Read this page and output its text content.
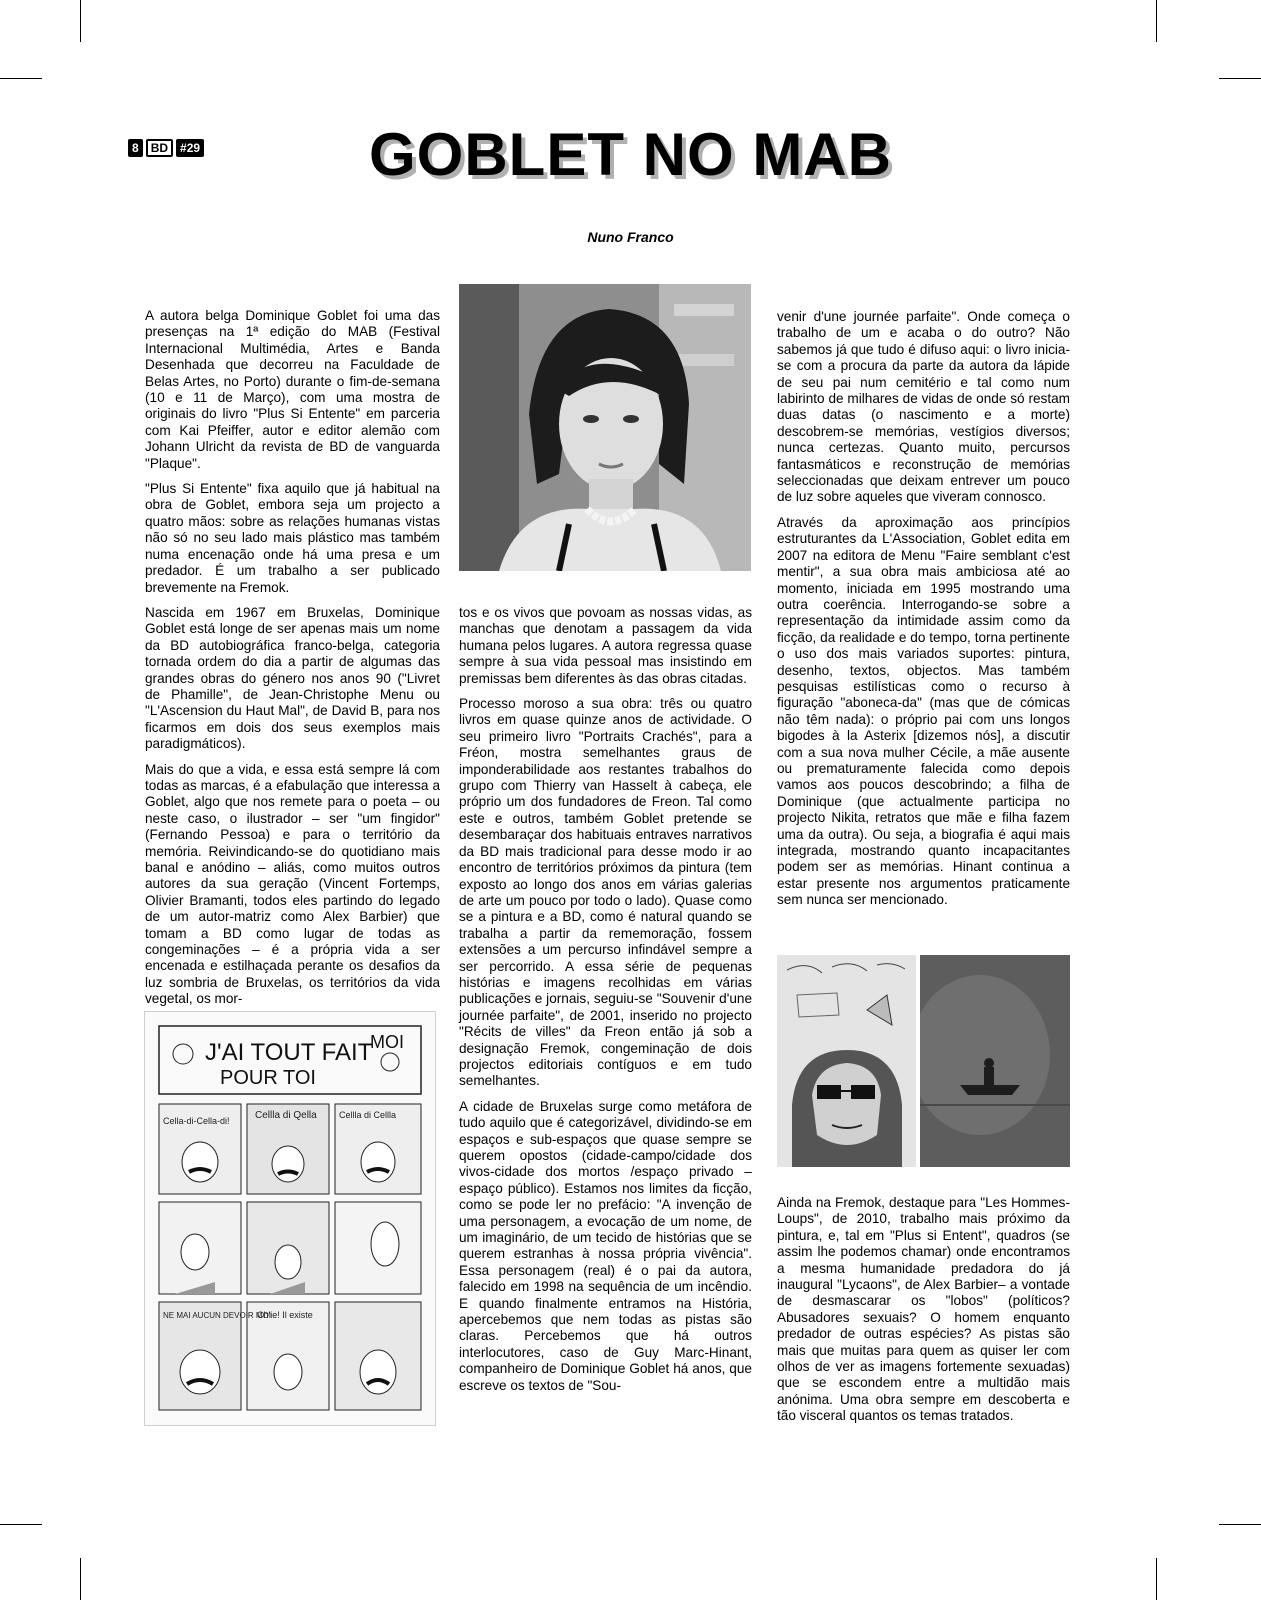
8	BD	#29	GOBLET NO MAB
Nuno Franco

A autora belga Dominique Goblet foi uma das presenças na 1ª edição do MAB (Festival Internacional Multimédia, Artes e Banda Desenhada que decorreu na Faculdade de Belas Artes, no Porto) durante o fim-de-semana (10 e 11 de Março), com uma mostra de originais do livro "Plus Si Entente" em parceria com Kai Pfeiffer, autor e editor alemão com Johann Ulricht da revista de BD de vanguarda "Plaque".

"Plus Si Entente" fixa aquilo que já habitual na obra de Goblet, embora seja um projecto a quatro mãos: sobre as relações humanas vistas não só no seu lado mais plástico mas também numa encenação onde há uma presa e um predador. É um trabalho a ser publicado brevemente na Fremok.

Nascida em 1967 em Bruxelas, Dominique Goblet está longe de ser apenas mais um nome da BD autobiográfica franco-belga, categoria tornada ordem do dia a partir de algumas das grandes obras do género nos anos 90 ("Livret de Phamille", de Jean-Christophe Menu ou "L'Ascension du Haut Mal", de David B, para nos ficarmos em dois dos seus exemplos mais paradigmáticos).

Mais do que a vida, e essa está sempre lá com todas as marcas, é a efabulação que interessa a Goblet, algo que nos remete para o poeta – ou neste caso, o ilustrador – ser "um fingidor" (Fernando Pessoa) e para o território da memória. Reivindicando-se do quotidiano mais banal e anódino – aliás, como muitos outros autores da sua geração (Vincent Fortemps, Olivier Bramanti, todos eles partindo do legado de um autor-matriz como Alex Barbier) que tomam a BD como lugar de todas as congeminações – é a própria vida a ser encenada e estilhaçada perante os desafios da luz sombria de Bruxelas, os territórios da vida vegetal, os mor-

tos e os vivos que povoam as nossas vidas, as manchas que denotam a passagem da vida humana pelos lugares. A autora regressa quase sempre à sua vida pessoal mas insistindo em premissas bem diferentes às das obras citadas.

Processo moroso a sua obra: três ou quatro livros em quase quinze anos de actividade. O seu primeiro livro "Portraits Crachés", para a Fréon, mostra semelhantes graus de imponderabilidade aos restantes trabalhos do grupo com Thierry van Hasselt à cabeça, ele próprio um dos fundadores de Freon. Tal como este e outros, também Goblet pretende se desembaraçar dos habituais entraves narrativos da BD mais tradicional para desse modo ir ao encontro de territórios próximos da pintura (tem exposto ao longo dos anos em várias galerias de arte um pouco por todo o lado). Quase como se a pintura e a BD, como é natural quando se trabalha a partir da rememoração, fossem extensões a um percurso infindável sempre a ser percorrido. A essa série de pequenas histórias e imagens recolhidas em várias publicações e jornais, seguiu-se "Souvenir d'une journée parfaite", de 2001, inserido no projecto "Récits de villes" da Freon então já sob a designação Fremok, congeminação de dois projectos editoriais contíguos e em tudo semelhantes.

A cidade de Bruxelas surge como metáfora de tudo aquilo que é categorizável, dividindo-se em espaços e sub-espaços que quase sempre se querem opostos (cidade-campo/cidade dos vivos-cidade dos mortos /espaço privado – espaço público). Estamos nos limites da ficção, como se pode ler no prefácio: "A invenção de uma personagem, a evocação de um nome, de um imaginário, de um tecido de histórias que se querem estranhas à nossa própria vivência". Essa personagem (real) é o pai da autora, falecido em 1998 na sequência de um incêndio. E quando finalmente entramos na História, apercebemos que nem todas as pistas são claras. Percebemos que há outros interlocutores, caso de Guy Marc-Hinant, companheiro de Dominique Goblet há anos, que escreve os textos de "Sou-

venir d'une journée parfaite". Onde começa o trabalho de um e acaba o do outro? Não sabemos já que tudo é difuso aqui: o livro inicia-se com a procura da parte da autora da lápide de seu pai num cemitério e tal como num labirinto de milhares de vidas de onde só restam duas datas (o nascimento e a morte) descobrem-se memórias, vestígios diversos; nunca certezas. Quanto muito, percursos fantasmáticos e reconstrução de memórias seleccionadas que deixam entrever um pouco de luz sobre aqueles que viveram connosco.

Através da aproximação aos princípios estruturantes da L'Association, Goblet edita em 2007 na editora de Menu "Faire semblant c'est mentir", a sua obra mais ambiciosa até ao momento, iniciada em 1995 mostrando uma outra coerência. Interrogando-se sobre a representação da intimidade assim como da ficção, da realidade e do tempo, torna pertinente o uso dos mais variados suportes: pintura, desenho, textos, objectos. Mas também pesquisas estilísticas como o recurso à figuração "aboneca-da" (mas que de cómicas não têm nada): o próprio pai com uns longos bigodes à la Asterix [dizemos nós], a discutir com a sua nova mulher Cécile, a mãe ausente ou prematuramente falecida como depois vamos aos poucos descobrindo; a filha de Dominique (que actualmente participa no projecto Nikita, retratos que mãe e filha fazem uma da outra). Ou seja, a biografia é aqui mais integrada, mostrando quanto incapacitantes podem ser as memórias. Hinant continua a estar presente nos argumentos praticamente sem nunca ser mencionado.

Ainda na Fremok, destaque para "Les Hommes-Loups", de 2010, trabalho mais próximo da pintura, e, tal em "Plus si Entent", quadros (se assim lhe podemos chamar) onde encontramos a mesma humanidade predadora do já inaugural "Lycaons", de Alex Barbier– a vontade de desmascarar os "lobos" (políticos? Abusadores sexuais? O homem enquanto predador de outras espécies? As pistas são mais que muitas para quem as quiser ler com olhos de ver as imagens fortemente sexuadas) que se escondem entre a multidão mais anónima. Uma obra sempre em descoberta e tão visceral quantos os temas tratados.

J'AI TOUT FAIT
MOI
POUR TOI
Cella-di-Cella-di!	Cellla di Qella Cellla di Cellla
NE MAI AUCUN DEVOIR MOI
Ch'ie! Il existe
